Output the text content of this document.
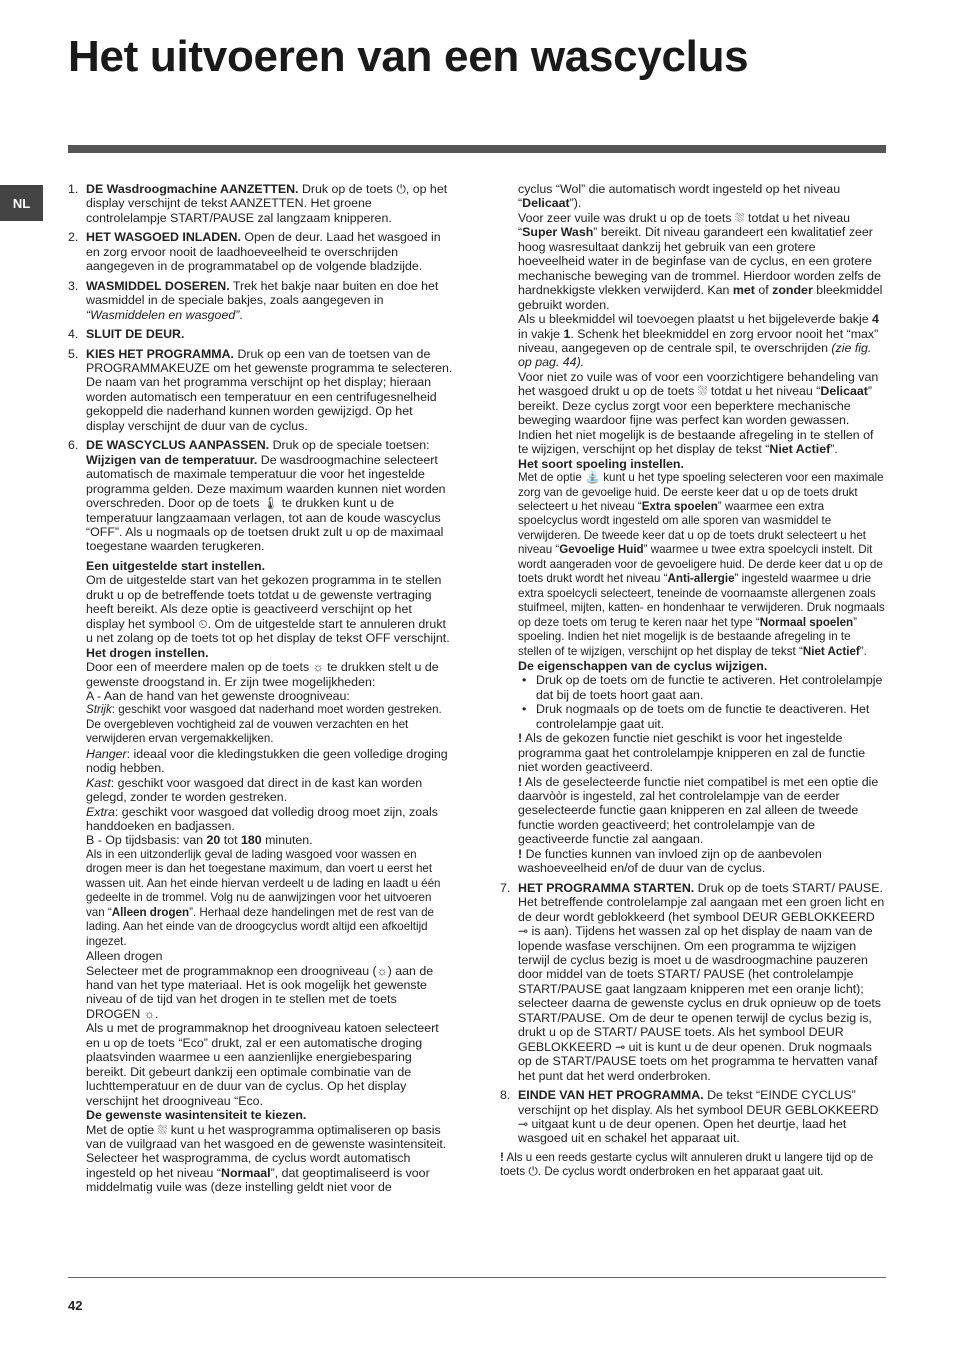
Het uitvoeren van een wascyclus
NL
1. DE Wasdroogmachine AANZETTEN. Druk op de toets ⏻, op het display verschijnt de tekst AANZETTEN. Het groene controlelampje START/PAUSE zal langzaam knipperen.

2. HET WASGOED INLADEN. Open de deur. Laad het wasgoed in en zorg ervoor nooit de laadhoeveelheid te overschrijden aangegeven in de programmatabel op de volgende bladzijde.

3. WASMIDDEL DOSEREN. Trek het bakje naar buiten en doe het wasmiddel in de speciale bakjes, zoals aangegeven in “Wasmiddelen en wasgoed”.

4. SLUIT DE DEUR.

5. KIES HET PROGRAMMA. Druk op een van de toetsen van de PROGRAMMAKEUZE om het gewenste programma te selecteren. De naam van het programma verschijnt op het display; hieraan worden automatisch een temperatuur en een centrifugesnelheid gekoppeld die naderhand kunnen worden gewijzigd. Op het display verschijnt de duur van de cyclus.

6. DE WASCYCLUS AANPASSEN. Druk op de speciale toetsen:

Wijzigen van de temperatuur. De wasdroogmachine selecteert automatisch de maximale temperatuur die voor het ingestelde programma gelden. Deze maximum waarden kunnen niet worden overschreden. Door op de toets 🌡 te drukken kunt u de temperatuur langzaamaan verlagen, tot aan de koude wascyclus “OFF”. Als u nogmaals op de toetsen drukt zult u op de maximaal toegestane waarden terugkeren.

Een uitgestelde start instellen.

Om de uitgestelde start van het gekozen programma in te stellen drukt u op de betreffende toets totdat u de gewenste vertraging heeft bereikt. Als deze optie is geactiveerd verschijnt op het display het symbool ⏲. Om de uitgestelde start te annuleren drukt u net zolang op de toets tot op het display de tekst OFF verschijnt.

Het drogen instellen.

Door een of meerdere malen op de toets ☼ te drukken stelt u de gewenste droogstand in. Er zijn twee mogelijkheden:

A - Aan de hand van het gewenste droogniveau:

Strijk: geschikt voor wasgoed dat naderhand moet worden gestreken. De overgebleven vochtigheid zal de vouwen verzachten en het verwijderen ervan vergemakkelijken.

Hanger: ideaal voor die kledingstukken die geen volledige droging nodig hebben.

Kast: geschikt voor wasgoed dat direct in de kast kan worden gelegd, zonder te worden gestreken.

Extra: geschikt voor wasgoed dat volledig droog moet zijn, zoals handdoeken en badjassen.

B - Op tijdsbasis: van 20 tot 180 minuten.

Als in een uitzonderlijk geval de lading wasgoed voor wassen en drogen meer is dan het toegestane maximum, dan voert u eerst het wassen uit. Aan het einde hiervan verdeelt u de lading en laadt u één gedeelte in de trommel. Volg nu de aanwijzingen voor het uitvoeren van “Alleen drogen”. Herhaal deze handelingen met de rest van de lading. Aan het einde van de droogcyclus wordt altijd een afkoeltijd ingezet.

Alleen drogen

Selecteer met de programmaknop een droogniveau (☼) aan de hand van het type materiaal. Het is ook mogelijk het gewenste niveau of de tijd van het drogen in te stellen met de toets DROGEN ☼.

Als u met de programmaknop het droogniveau katoen selecteert en u op de toets “Eco” drukt, zal er een automatische droging plaatsvinden waarmee u een aanzienlijke energiebesparing bereikt. Dit gebeurt dankzij een optimale combinatie van de luchttemperatuur en de duur van de cyclus. Op het display verschijnt het droogniveau “Eco.

De gewenste wasintensiteit te kiezen.

Met de optie ⛆ kunt u het wasprogramma optimaliseren op basis van de vuilgraad van het wasgoed en de gewenste wasintensiteit.

Selecteer het wasprogramma, de cyclus wordt automatisch ingesteld op het niveau “Normaal”, dat geoptimaliseerd is voor middelmatig vuile was (deze instelling geldt niet voor de

cyclus “Wol” die automatisch wordt ingesteld op het niveau “Delicaat”).

Voor zeer vuile was drukt u op de toets ⛆ totdat u het niveau “Super Wash” bereikt. Dit niveau garandeert een kwalitatief zeer hoog wasresultaat dankzij het gebruik van een grotere hoeveelheid water in de beginfase van de cyclus, en een grotere mechanische beweging van de trommel. Hierdoor worden zelfs de hardnekkigste vlekken verwijderd. Kan met of zonder bleekmiddel gebruikt worden.

Als u bleekmiddel wil toevoegen plaatst u het bijgeleverde bakje 4 in vakje 1. Schenk het bleekmiddel en zorg ervoor nooit het “max” niveau, aangegeven op de centrale spil, te overschrijden (zie fig. op pag. 44).

Voor niet zo vuile was of voor een voorzichtigere behandeling van het wasgoed drukt u op de toets ⛆ totdat u het niveau “Delicaat” bereikt. Deze cyclus zorgt voor een beperktere mechanische beweging waardoor fijne was perfect kan worden gewassen. Indien het niet mogelijk is de bestaande afregeling in te stellen of te wijzigen, verschijnt op het display de tekst “Niet Actief”.

Het soort spoeling instellen.

Met de optie ⛲ kunt u het type spoeling selecteren voor een maximale zorg van de gevoelige huid. De eerste keer dat u op de toets drukt selecteert u het niveau “Extra spoelen” waarmee een extra spoelcyclus wordt ingesteld om alle sporen van wasmiddel te verwijderen. De tweede keer dat u op de toets drukt selecteert u het niveau “Gevoelige Huid” waarmee u twee extra spoelcycli instelt. Dit wordt aangeraden voor de gevoeligere huid. De derde keer dat u op de toets drukt wordt het niveau “Anti-allergie” ingesteld waarmee u drie extra spoelcycli selecteert, teneinde de voornaamste allergenen zoals stuifmeel, mijten, katten- en hondenhaar te verwijderen. Druk nogmaals op deze toets om terug te keren naar het type “Normaal spoelen” spoeling. Indien het niet mogelijk is de bestaande afregeling in te stellen of te wijzigen, verschijnt op het display de tekst “Niet Actief”.

De eigenschappen van de cyclus wijzigen.

• Druk op de toets om de functie te activeren. Het controlelampje dat bij de toets hoort gaat aan.

• Druk nogmaals op de toets om de functie te deactiveren. Het controlelampje gaat uit.

! Als de gekozen functie niet geschikt is voor het ingestelde programma gaat het controlelampje knipperen en zal de functie niet worden geactiveerd.

! Als de geselecteerde functie niet compatibel is met een optie die daarvòòr is ingesteld, zal het controlelampje van de eerder geselecteerde functie gaan knipperen en zal alleen de tweede functie worden geactiveerd; het controlelampje van de geactiveerde functie zal aangaan.

! De functies kunnen van invloed zijn op de aanbevolen washoeveelheid en/of de duur van de cyclus.

7. HET PROGRAMMA STARTEN. Druk op de toets START/ PAUSE. Het betreffende controlelampje zal aangaan met een groen licht en de deur wordt geblokkeerd (het symbool DEUR GEBLOKKEERD ⊸ is aan). Tijdens het wassen zal op het display de naam van de lopende wasfase verschijnen. Om een programma te wijzigen terwijl de cyclus bezig is moet u de wasdroogmachine pauzeren door middel van de toets START/ PAUSE (het controlelampje START/PAUSE gaat langzaam knipperen met een oranje licht); selecteer daarna de gewenste cyclus en druk opnieuw op de toets START/PAUSE. Om de deur te openen terwijl de cyclus bezig is, drukt u op de START/ PAUSE toets. Als het symbool DEUR GEBLOKKEERD ⊸ uit is kunt u de deur openen. Druk nogmaals op de START/PAUSE toets om het programma te hervatten vanaf het punt dat het werd onderbroken.

8. EINDE VAN HET PROGRAMMA. De tekst “EINDE CYCLUS” verschijnt op het display. Als het symbool DEUR GEBLOKKEERD ⊸ uitgaat kunt u de deur openen. Open het deurtje, laad het wasgoed uit en schakel het apparaat uit.

! Als u een reeds gestarte cyclus wilt annuleren drukt u langere tijd op de toets ⏻. De cyclus wordt onderbroken en het apparaat gaat uit.

42
